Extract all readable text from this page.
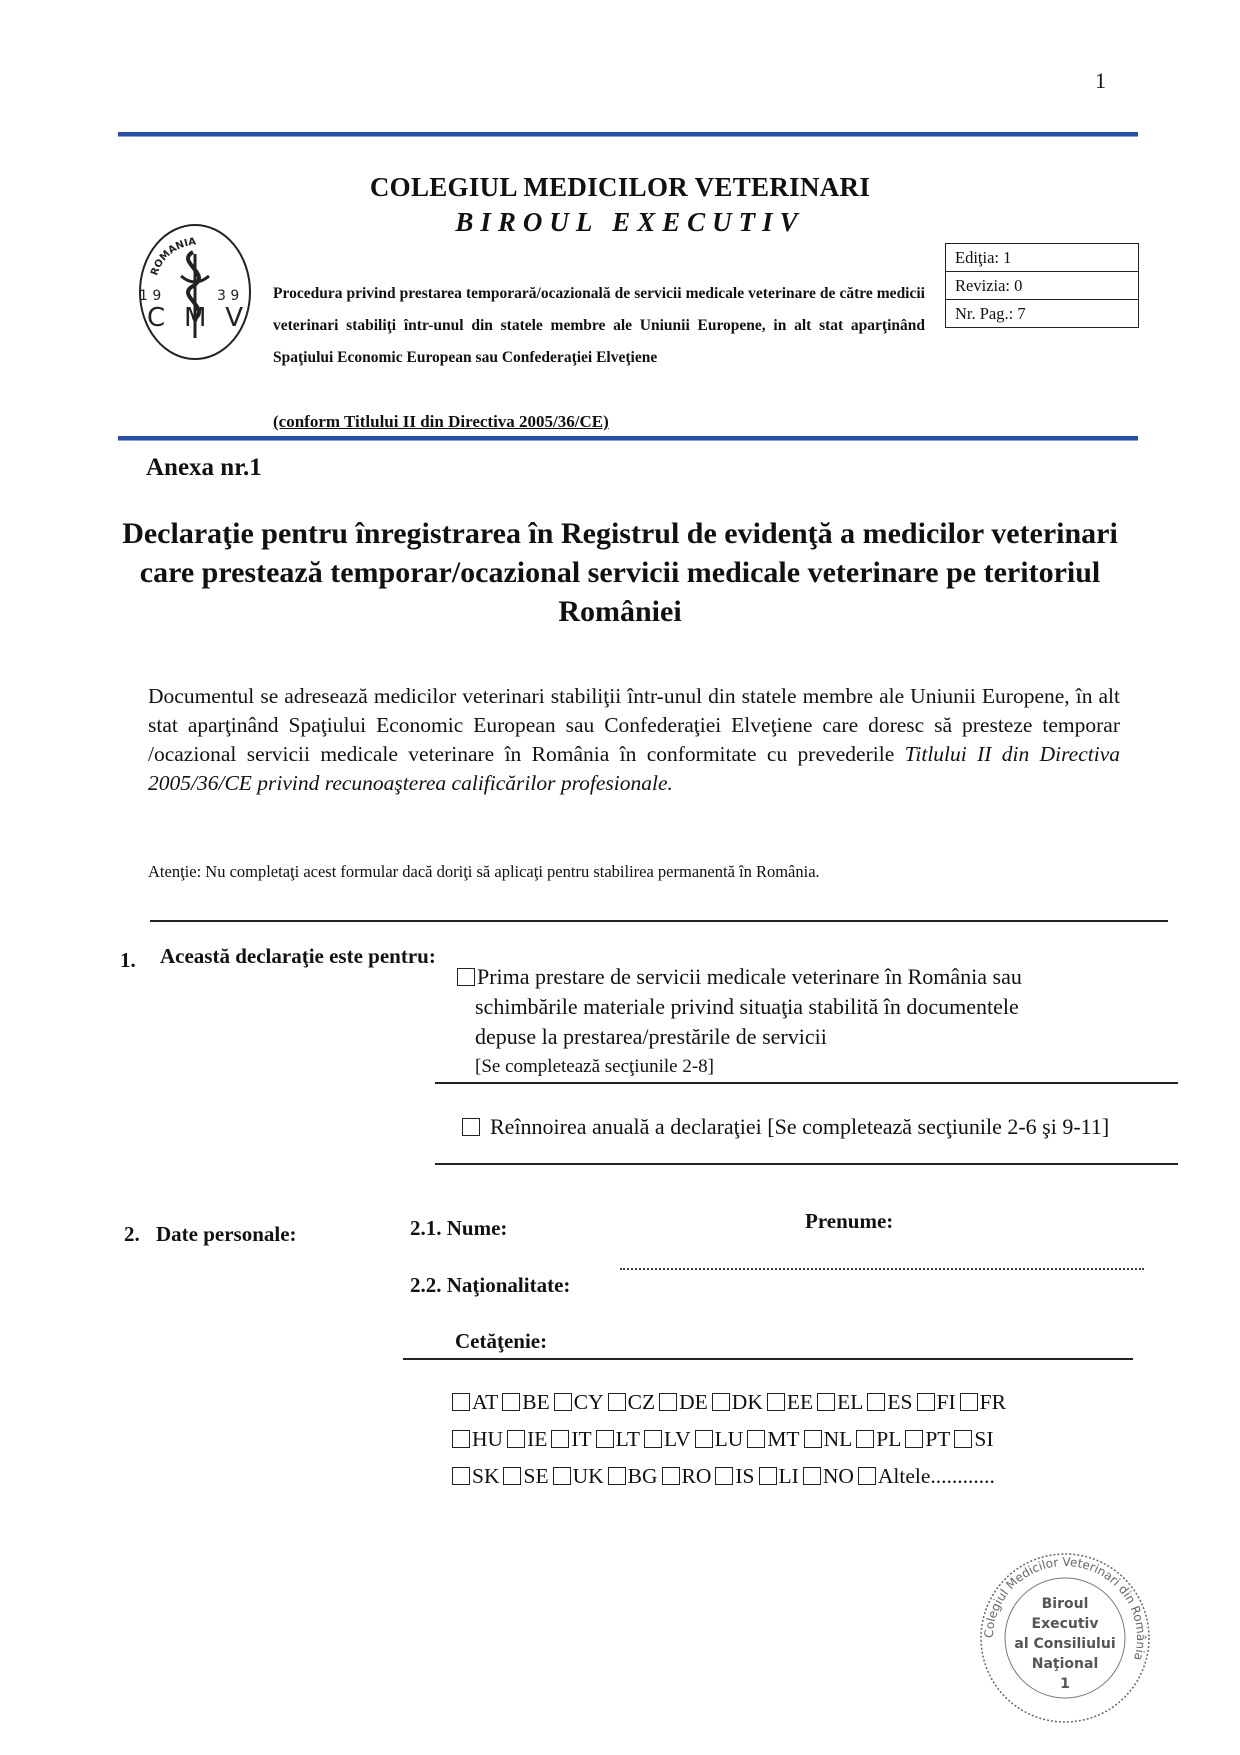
1
COLEGIUL MEDICILOR VETERINARI
BIROUL EXECUTIV
ROMANIA
1 9	3 9
C M V
Procedura privind prestarea temporară/ocazională de servicii medicale veterinare de către medicii veterinari stabiliţi într-unul din statele membre ale Uniunii Europene, in alt stat aparţinând Spaţiului Economic European sau Confederaţiei Elveţiene
(conform Titlului II din Directiva 2005/36/CE)
Ediţia: 1
Revizia: 0
Nr. Pag.: 7
Anexa nr.1
Declaraţie pentru înregistrarea în Registrul de evidenţă a medicilor veterinari care prestează temporar/ocazional servicii medicale veterinare pe teritoriul României
Documentul se adresează medicilor veterinari stabiliţii într-unul din statele membre ale Uniunii Europene, în alt stat aparţinând Spaţiului Economic European sau Confederaţiei Elveţiene care doresc să presteze temporar /ocazional servicii medicale veterinare în România în conformitate cu prevederile Titlului II din Directiva 2005/36/CE privind recunoaşterea calificărilor profesionale.
Atenţie: Nu completaţi acest formular dacă doriţi să aplicaţi pentru stabilirea permanentă în România.
1. Această declaraţie este pentru:
Prima prestare de servicii medicale veterinare în România sau
schimbările materiale privind situaţia stabilită în documentele
depuse la prestarea/prestările de servicii
[Se completează secţiunile 2-8]
Reînnoirea anuală a declaraţiei [Se completează secţiunile 2-6 şi 9-11]
2. Date personale:	2.1. Nume:	Prenume:
2.2. Naţionalitate:
Cetăţenie:
AT BE CY CZ DE DK EE EL ES FI FR
HU IE IT LT LV LU MT NL PL PT SI
SK SE UK BG RO IS LI NO Altele............
Colegiul Medicilor Veterinari din România
Biroul
Executiv
al Consiliului
Naţional
1
